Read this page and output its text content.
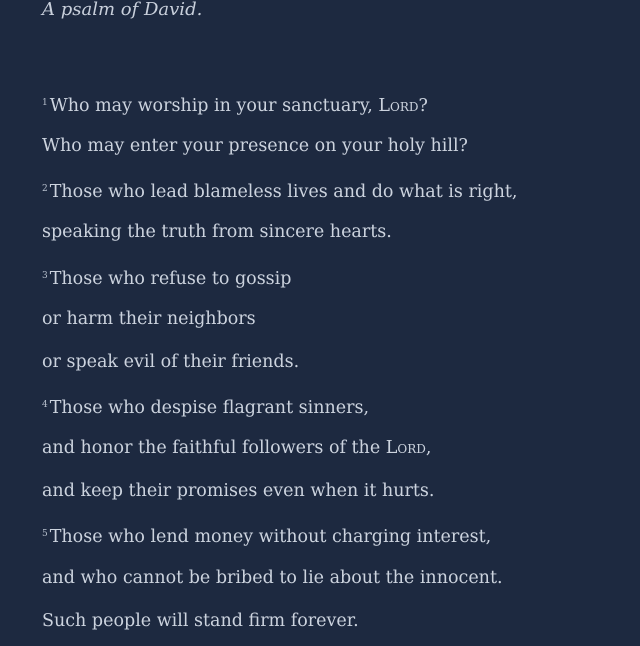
A psalm of David.
$^1$ Who may worship in your sanctuary, Lord?
Who may enter your presence on your holy hill?
$^2$ Those who lead blameless lives and do what is right,
speaking the truth from sincere hearts.
$^3$ Those who refuse to gossip
or harm their neighbors
or speak evil of their friends.
$^4$ Those who despise flagrant sinners,
and honor the faithful followers of the Lord,
and keep their promises even when it hurts.
$^5$ Those who lend money without charging interest,
and who cannot be bribed to lie about the innocent.
Such people will stand firm forever.
